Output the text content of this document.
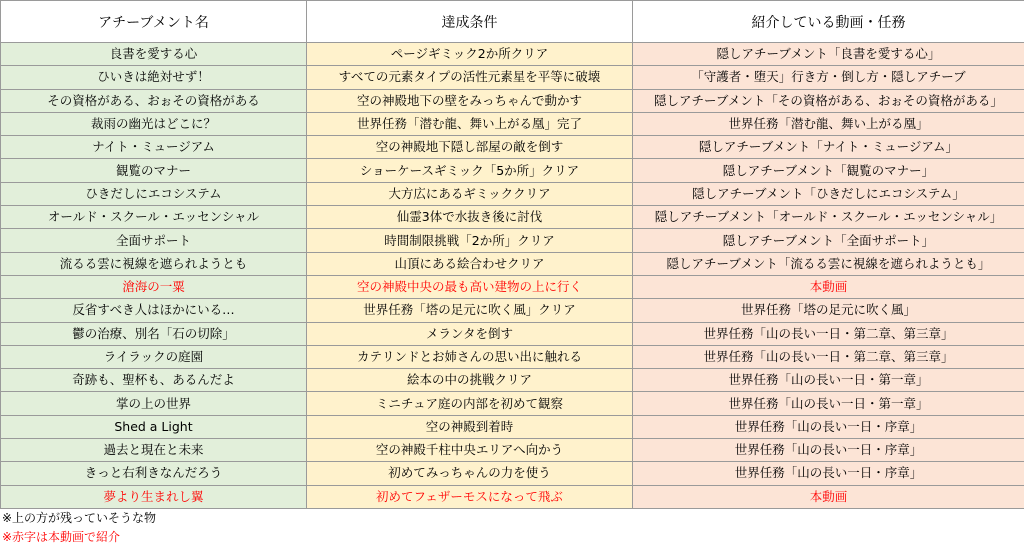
アチーブメント名	達成条件	紹介している動画・任務
良書を愛する心	ページギミック2か所クリア	隠しアチーブメント「良書を愛する心」
ひいきは絶対せず！	すべての元素タイプの活性元素星を平等に破壊	「守護者・堕天」行き方・倒し方・隠しアチーブ
その資格がある、おぉその資格がある	空の神殿地下の壁をみっちゃんで動かす	隠しアチーブメント「その資格がある、おぉその資格がある」
裁雨の幽光はどこに？	世界任務「潜む龍、舞い上がる凰」完了	世界任務「潜む龍、舞い上がる凰」
ナイト・ミュージアム	空の神殿地下隠し部屋の敵を倒す	隠しアチーブメント「ナイト・ミュージアム」
観覧のマナー	ショーケースギミック「5か所」クリア	隠しアチーブメント「観覧のマナー」
ひきだしにエコシステム	大方広にあるギミッククリア	隠しアチーブメント「ひきだしにエコシステム」
オールド・スクール・エッセンシャル	仙霊3体で水抜き後に討伐	隠しアチーブメント「オールド・スクール・エッセンシャル」
全面サポート	時間制限挑戦「2か所」クリア	隠しアチーブメント「全面サポート」
流るる雲に視線を遮られようとも	山頂にある絵合わせクリア	隠しアチーブメント「流るる雲に視線を遮られようとも」
滄海の一粟	空の神殿中央の最も高い建物の上に行く	本動画
反省すべき人はほかにいる…	世界任務「塔の足元に吹く風」クリア	世界任務「塔の足元に吹く風」
鬱の治療、別名「石の切除」	メランタを倒す	世界任務「山の長い一日・第二章、第三章」
ライラックの庭園	カテリンドとお姉さんの思い出に触れる	世界任務「山の長い一日・第二章、第三章」
奇跡も、聖杯も、あるんだよ	絵本の中の挑戦クリア	世界任務「山の長い一日・第一章」
掌の上の世界	ミニチュア庭の内部を初めて観察	世界任務「山の長い一日・第一章」
Shed a Light	空の神殿到着時	世界任務「山の長い一日・序章」
過去と現在と未来	空の神殿千柱中央エリアへ向かう	世界任務「山の長い一日・序章」
きっと右利きなんだろう	初めてみっちゃんの力を使う	世界任務「山の長い一日・序章」
夢より生まれし翼	初めてフェザーモスになって飛ぶ	本動画
※上の方が残っていそうな物
※赤字は本動画で紹介
